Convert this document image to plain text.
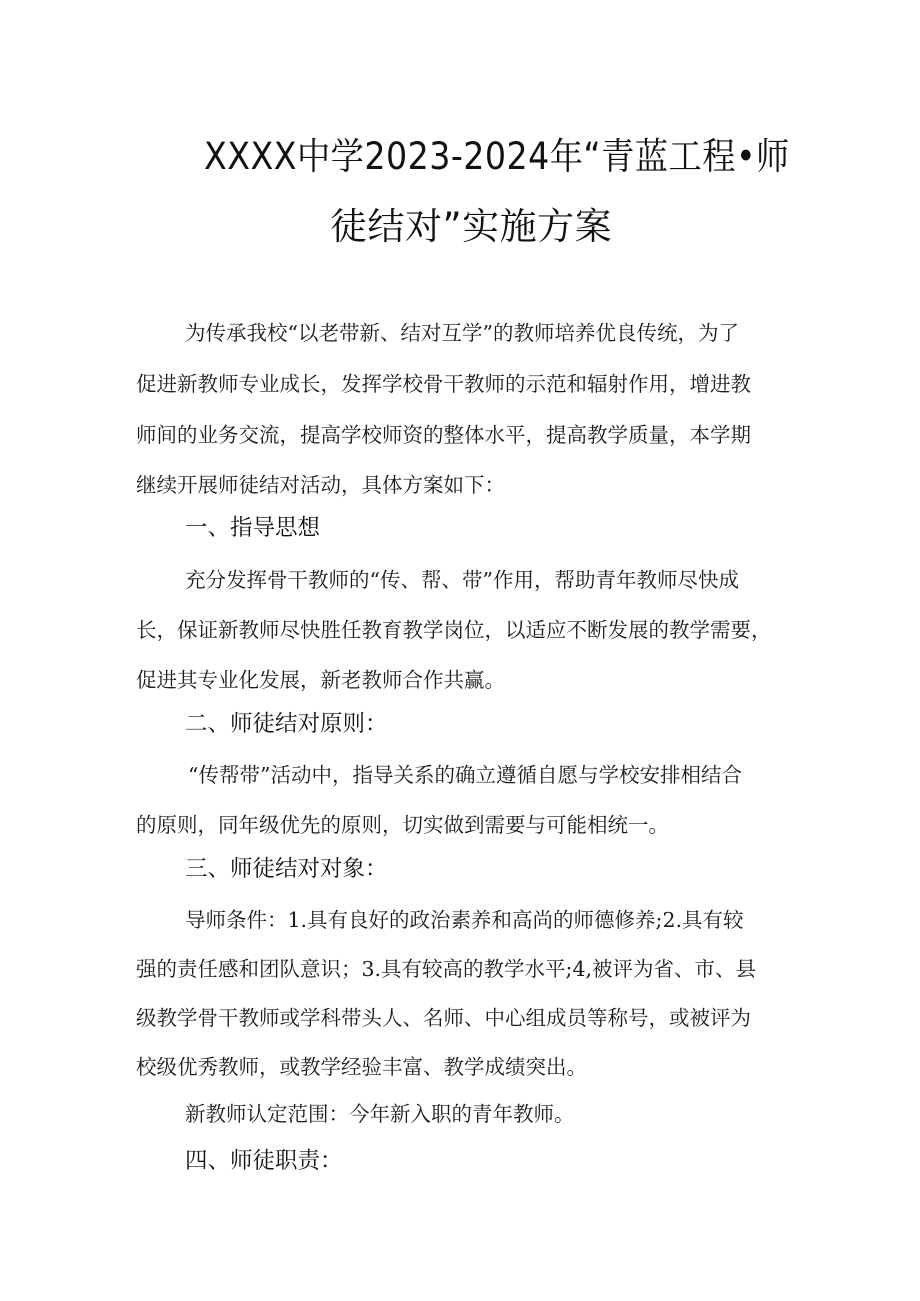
XXXX中学2023-2024年“青蓝工程•师
徒结对”实施方案
为传承我校“以老带新、结对互学”的教师培养优良传统，为了
促进新教师专业成长，发挥学校骨干教师的示范和辐射作用，增进教
师间的业务交流，提高学校师资的整体水平，提高教学质量，本学期
继续开展师徒结对活动，具体方案如下：
一、指导思想
充分发挥骨干教师的“传、帮、带”作用，帮助青年教师尽快成
长，保证新教师尽快胜任教育教学岗位，以适应不断发展的教学需要，
促进其专业化发展，新老教师合作共赢。
二、师徒结对原则：
“传帮带”活动中，指导关系的确立遵循自愿与学校安排相结合
的原则，同年级优先的原则，切实做到需要与可能相统一。
三、师徒结对对象：
导师条件：1.具有良好的政治素养和高尚的师德修养;2.具有较
强的责任感和团队意识；3.具有较高的教学水平;4,被评为省、市、县
级教学骨干教师或学科带头人、名师、中心组成员等称号，或被评为
校级优秀教师，或教学经验丰富、教学成绩突出。
新教师认定范围：今年新入职的青年教师。
四、师徒职责：
